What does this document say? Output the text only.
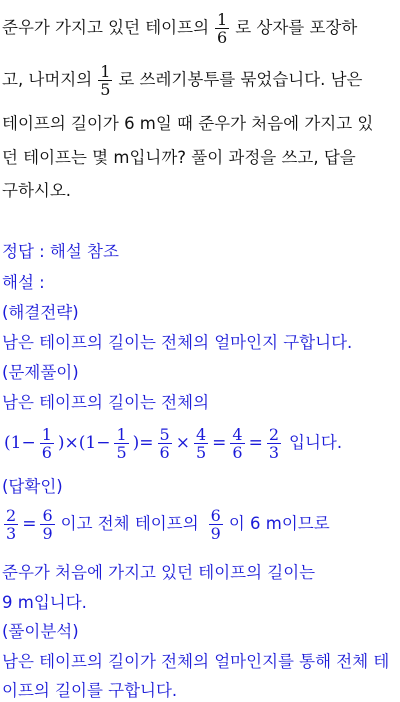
준우가 가지고 있던 테이프의 $\frac{1}{6}$ 로 상자를 포장하
고, 나머지의 $\frac{1}{5}$ 로 쓰레기봉투를 묶었습니다. 남은
테이프의 길이가 6 m일 때 준우가 처음에 가지고 있
던 테이프는 몇 m입니까? 풀이 과정을 쓰고, 답을
구하시오.
정답 : 해설 참조
해설 :
(해결전략)
남은 테이프의 길이는 전체의 얼마인지 구합니다.
(문제풀이)
남은 테이프의 길이는 전체의
$(1- \frac{1}{6} )\times(1- \frac{1}{5}$ )= $\frac{5}{6} \times \frac{4}{5} = \frac{4}{6} = \frac{2}{3}$ 입니다.
(답확인)
$\frac{2}{3} = \frac{6}{9}$ 이고 전체 테이프의 $\frac{6}{9}$ 이 6 m이므로
준우가 처음에 가지고 있던 테이프의 길이는
9 m입니다.
(풀이분석)
남은 테이프의 길이가 전체의 얼마인지를 통해 전체 테
이프의 길이를 구합니다.
